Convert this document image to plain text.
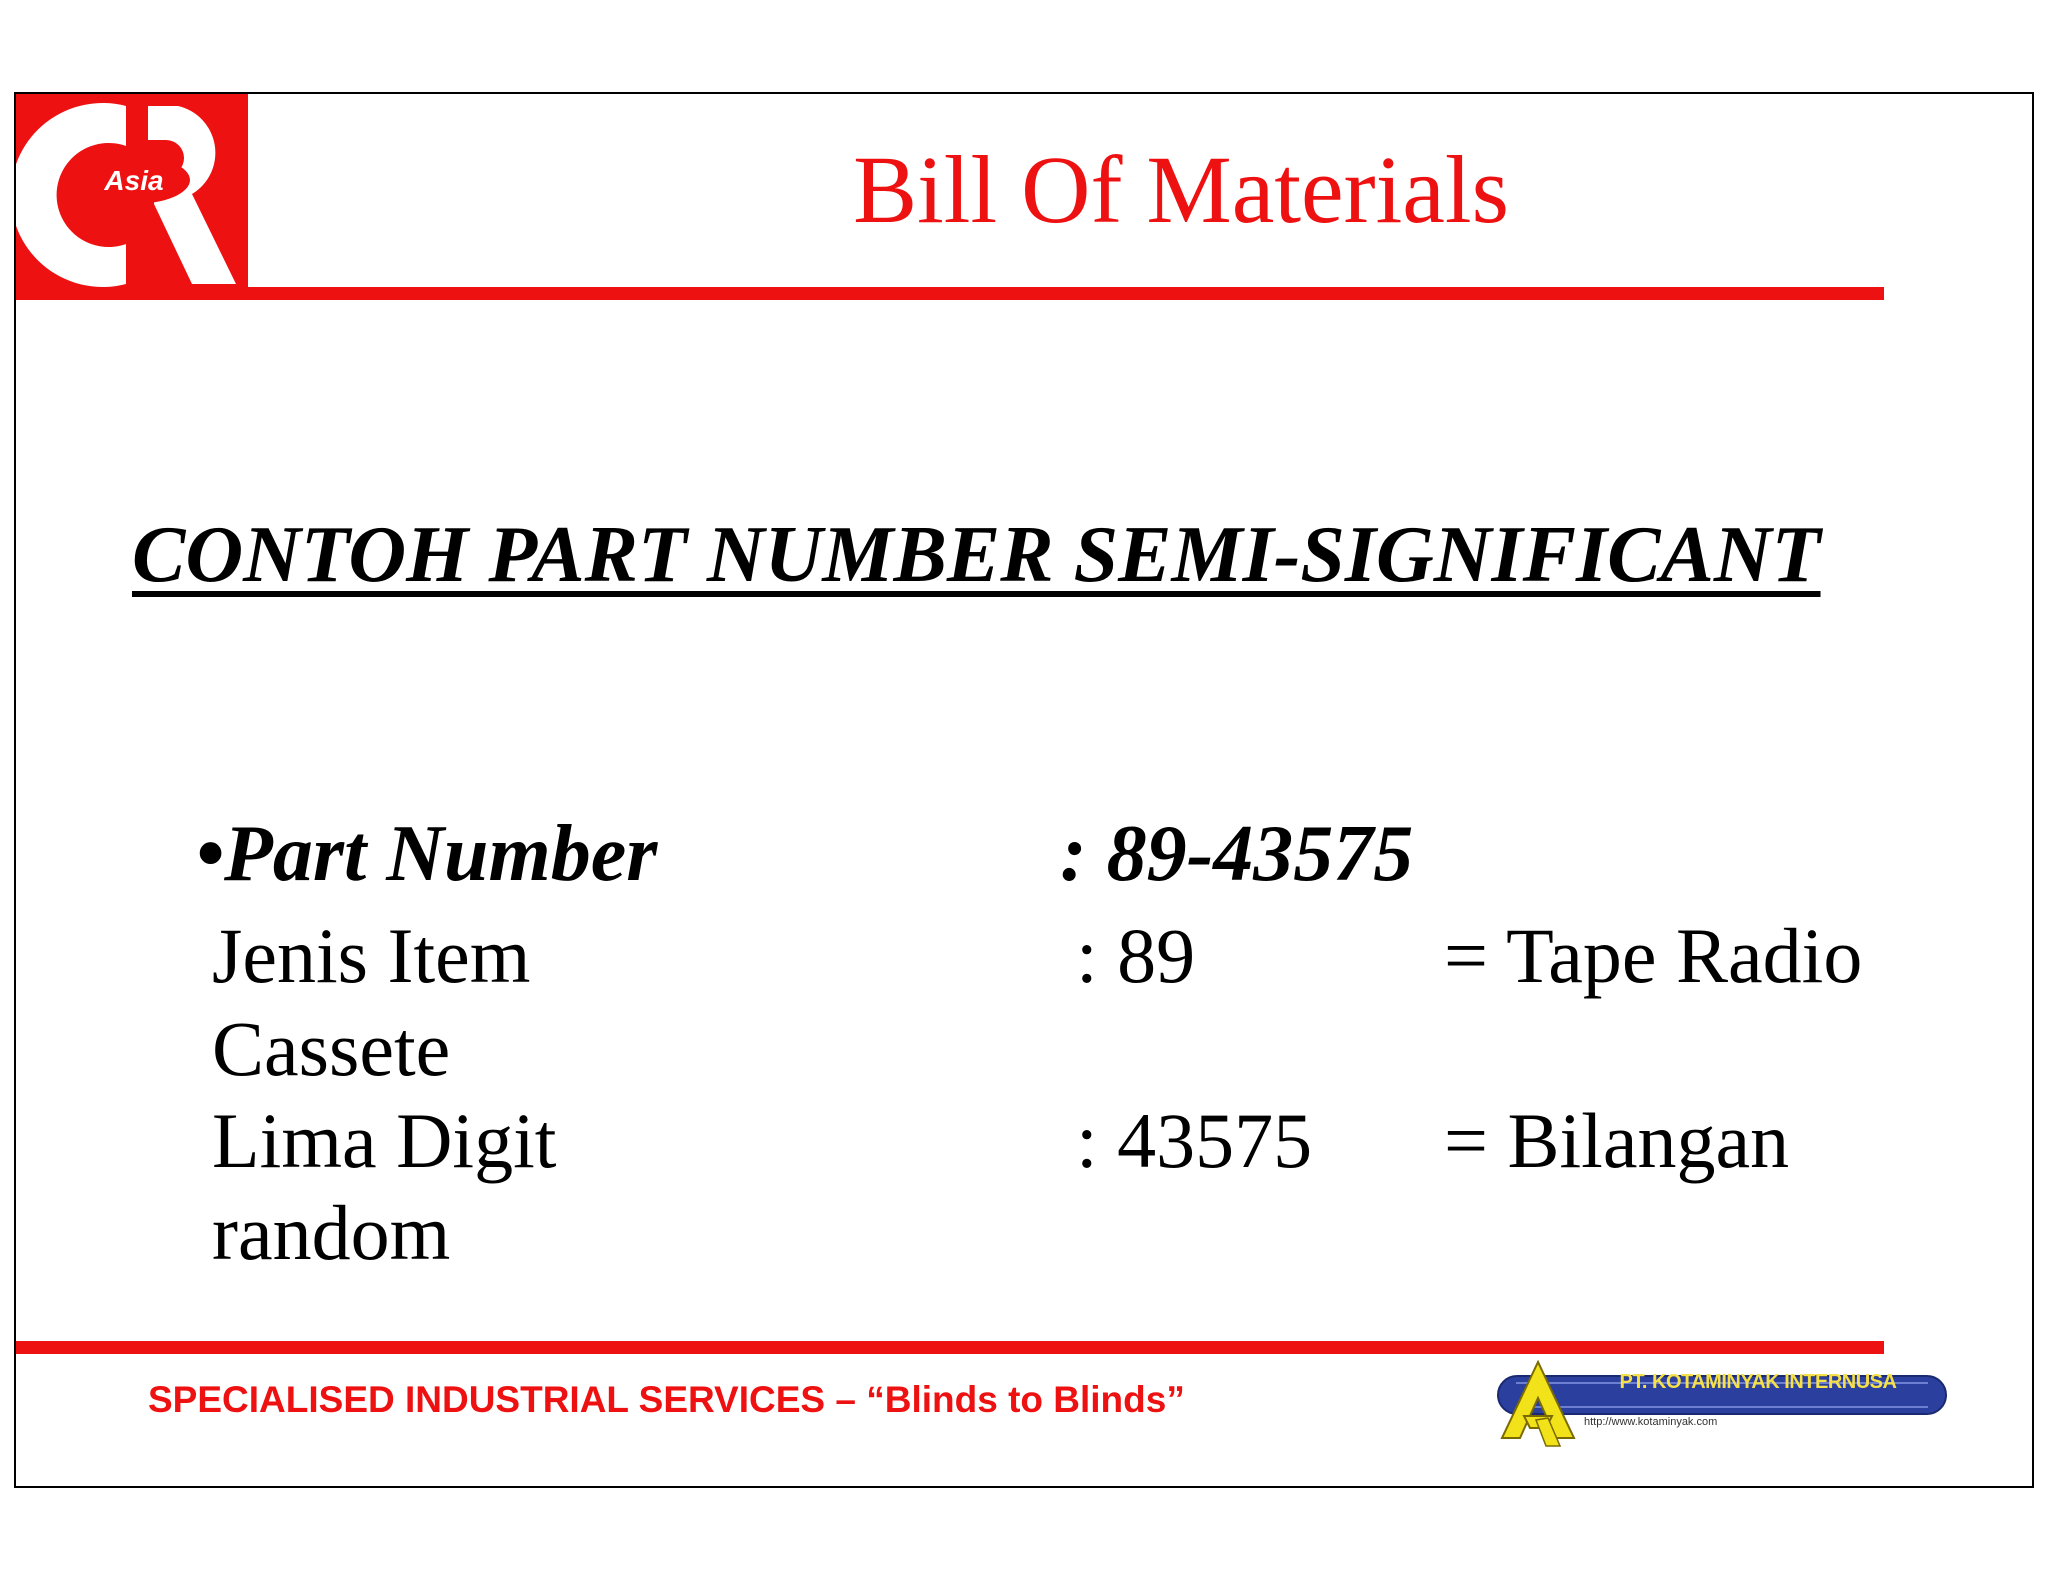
Asia	Bill Of Materials
CONTOH PART NUMBER SEMI-SIGNIFICANT
•Part Number	: 89-43575
Jenis Item	: 89	= Tape Radio
Cassete
Lima Digit	: 43575 = Bilangan
random
SPECIALISED INDUSTRIAL SERVICES – “Blinds to Blinds”	PT. KOTAMINYAK INTERNUSA
http://www.kotaminyak.com
